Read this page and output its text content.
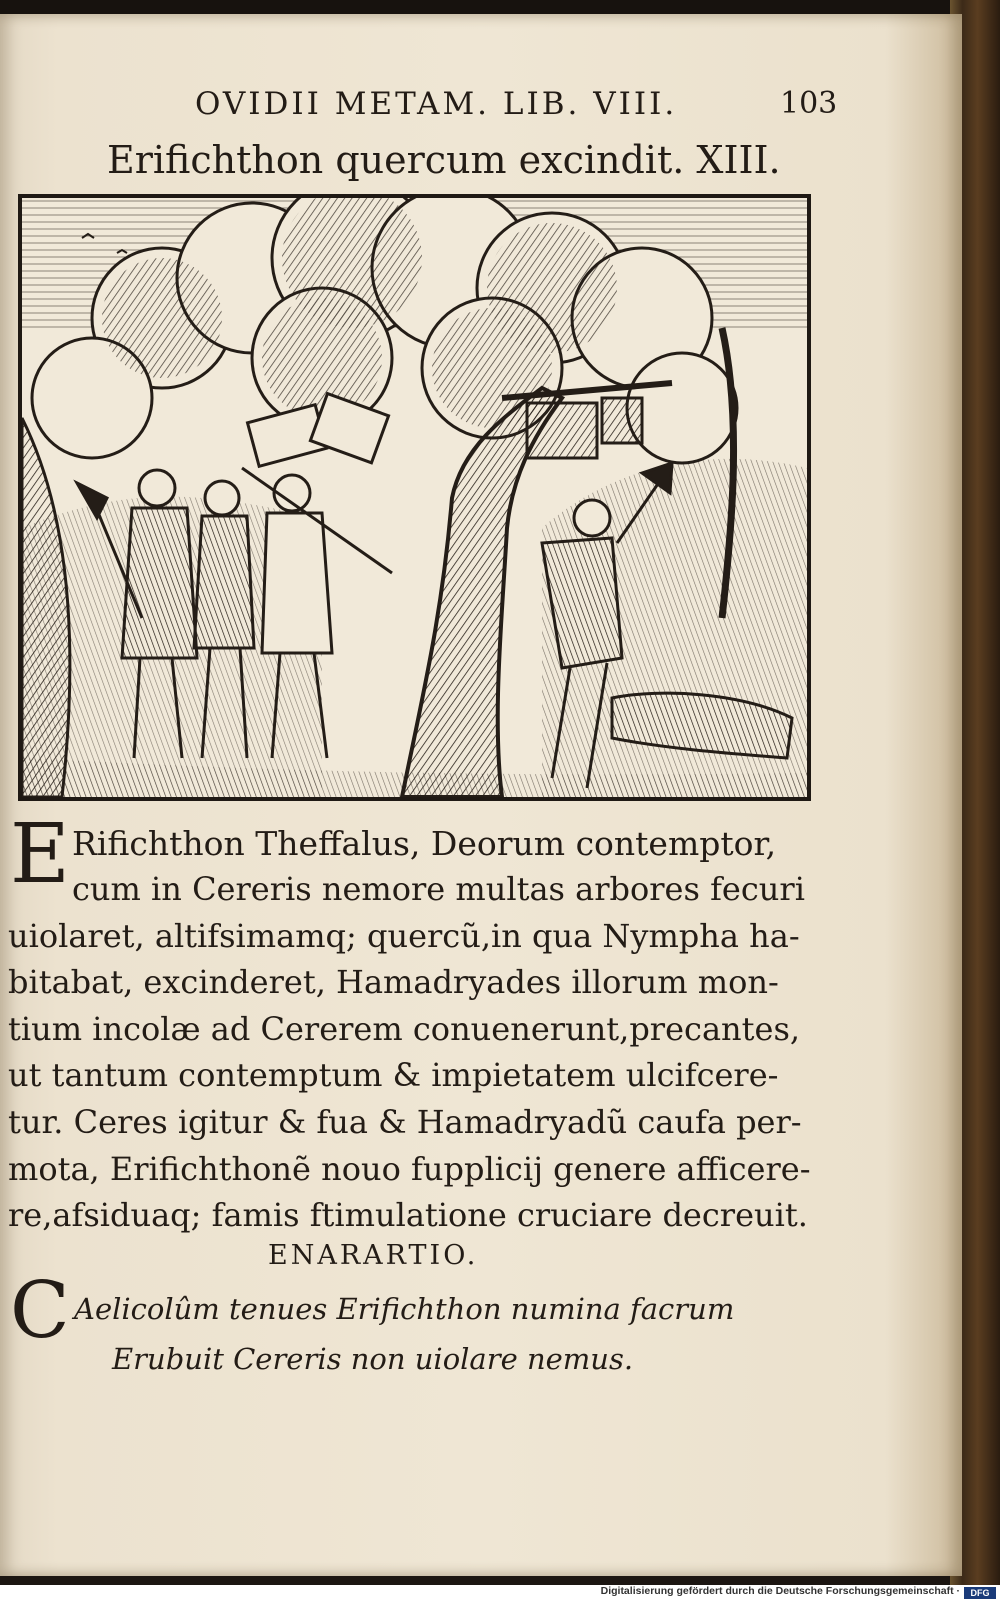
OVIDII METAM. LIB. VIII.	103
Erifichthon quercum excindit. XIII.
E Rifichthon Theffalus, Deorum contemptor,
cum in Cereris nemore multas arbores fecuri
uiolaret, altifsimamq; quercũ,in qua Nympha ha-
bitabat, excinderet, Hamadryades illorum mon-
tium incolæ ad Cererem conuenerunt,precantes,
ut tantum contemptum & impietatem ulcifcere-
tur. Ceres igitur & fua & Hamadryadũ caufa per-
mota, Erifichthonẽ nouo fupplicij genere afficere-
re,afsiduaq; famis ftimulatione cruciare decreuit.
ENARARTIO.
C Aelicolûm tenues Erifichthon numina facrum
Erubuit Cereris non uiolare nemus.
Digitalisierung gefördert durch die Deutsche Forschungsgemeinschaft ·	DFG
